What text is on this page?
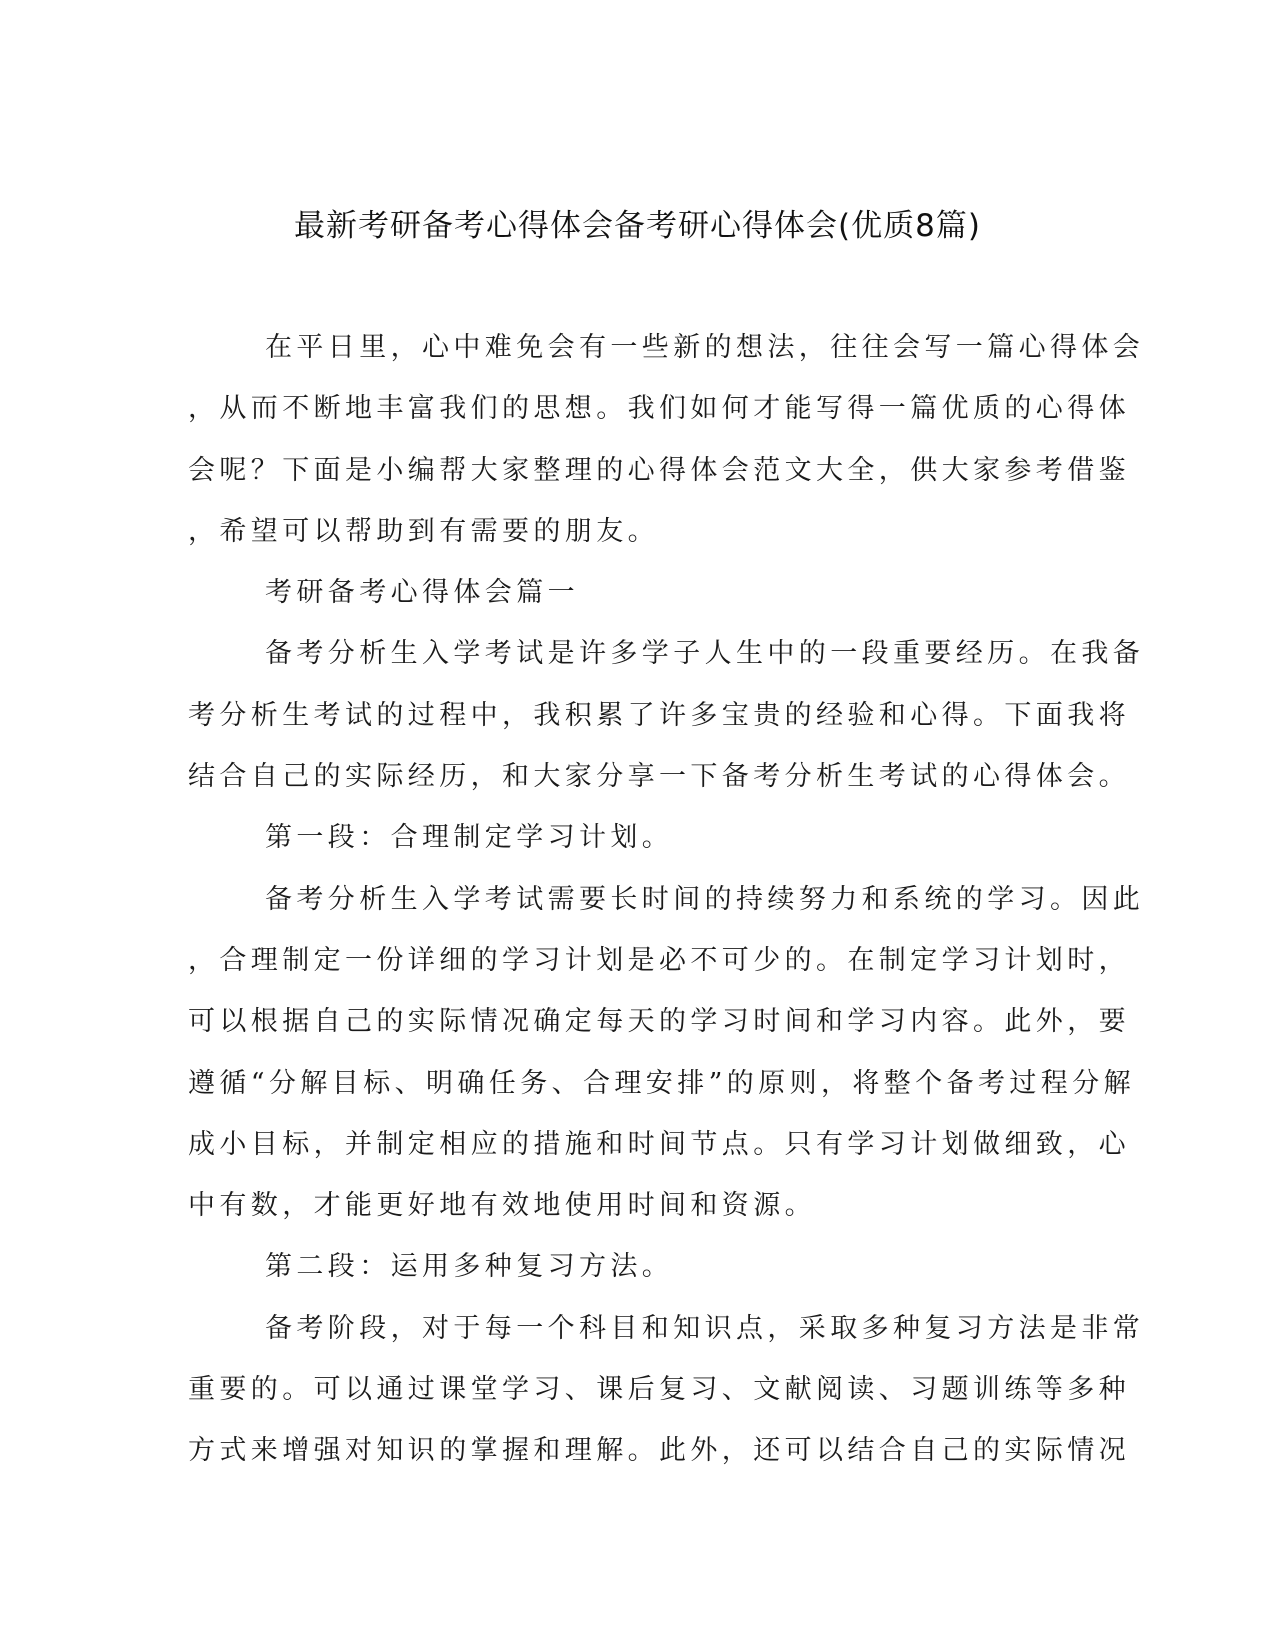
最新考研备考心得体会备考研心得体会(优质8篇)
在平日里，心中难免会有一些新的想法，往往会写一篇心得体会
，从而不断地丰富我们的思想。我们如何才能写得一篇优质的心得体
会呢？下面是小编帮大家整理的心得体会范文大全，供大家参考借鉴
，希望可以帮助到有需要的朋友。
考研备考心得体会篇一
备考分析生入学考试是许多学子人生中的一段重要经历。在我备
考分析生考试的过程中，我积累了许多宝贵的经验和心得。下面我将
结合自己的实际经历，和大家分享一下备考分析生考试的心得体会。
第一段：合理制定学习计划。
备考分析生入学考试需要长时间的持续努力和系统的学习。因此
，合理制定一份详细的学习计划是必不可少的。在制定学习计划时，
可以根据自己的实际情况确定每天的学习时间和学习内容。此外，要
遵循“分解目标、明确任务、合理安排”的原则，将整个备考过程分解
成小目标，并制定相应的措施和时间节点。只有学习计划做细致，心
中有数，才能更好地有效地使用时间和资源。
第二段：运用多种复习方法。
备考阶段，对于每一个科目和知识点，采取多种复习方法是非常
重要的。可以通过课堂学习、课后复习、文献阅读、习题训练等多种
方式来增强对知识的掌握和理解。此外，还可以结合自己的实际情况
